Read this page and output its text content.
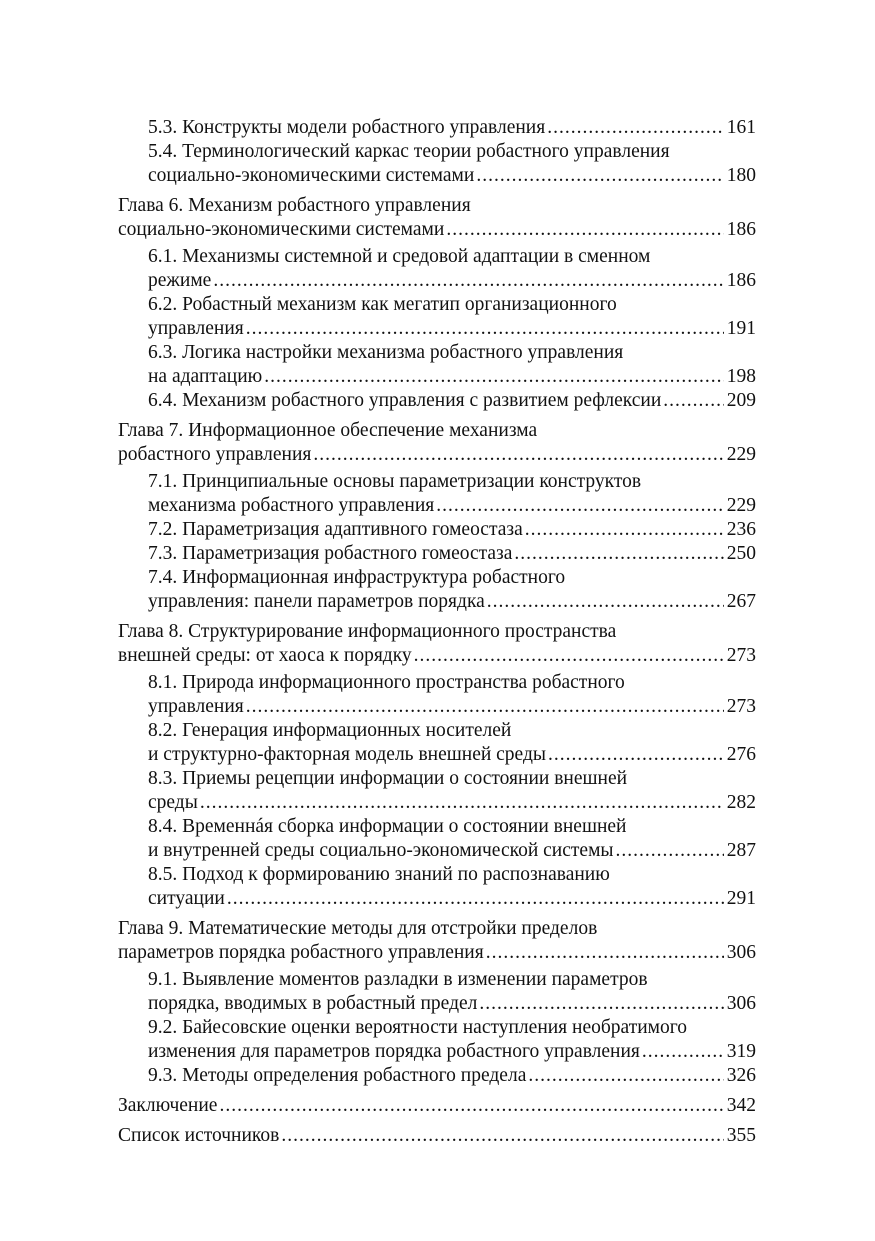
5.3. Конструкты модели робастного управления .....	161
5.4. Терминологический каркас теории робастного управления
социально-экономическими системами .....	180
Глава 6. Механизм робастного управления
социально-экономическими системами .....	186
6.1. Механизмы системной и средовой адаптации в сменном
режиме .....	186
6.2. Робастный механизм как мегатип организационного
управления .....	191
6.3. Логика настройки механизма робастного управления
на адаптацию .....	198
6.4. Механизм робастного управления с развитием рефлексии .....	209
Глава 7. Информационное обеспечение механизма
робастного управления .....	229
7.1. Принципиальные основы параметризации конструктов
механизма робастного управления .....	229
7.2. Параметризация адаптивного гомеостаза .....	236
7.3. Параметризация робастного гомеостаза .....	250
7.4. Информационная инфраструктура робастного
управления: панели параметров порядка .....	267
Глава 8. Структурирование информационного пространства
внешней среды: от хаоса к порядку .....	273
8.1. Природа информационного пространства робастного
управления .....	273
8.2. Генерация информационных носителей
и структурно-факторная модель внешней среды .....	276
8.3. Приемы рецепции информации о состоянии внешней
среды .....	282
8.4. Временнáя сборка информации о состоянии внешней
и внутренней среды социально-экономической системы .....	287
8.5. Подход к формированию знаний по распознаванию
ситуации .....	291
Глава 9. Математические методы для отстройки пределов
параметров порядка робастного управления .....	306
9.1. Выявление моментов разладки в изменении параметров
порядка, вводимых в робастный предел .....	306
9.2. Байесовские оценки вероятности наступления необратимого
изменения для параметров порядка робастного управления .....	319
9.3. Методы определения робастного предела .....	326
Заключение .....	342
Список источников .....	355
